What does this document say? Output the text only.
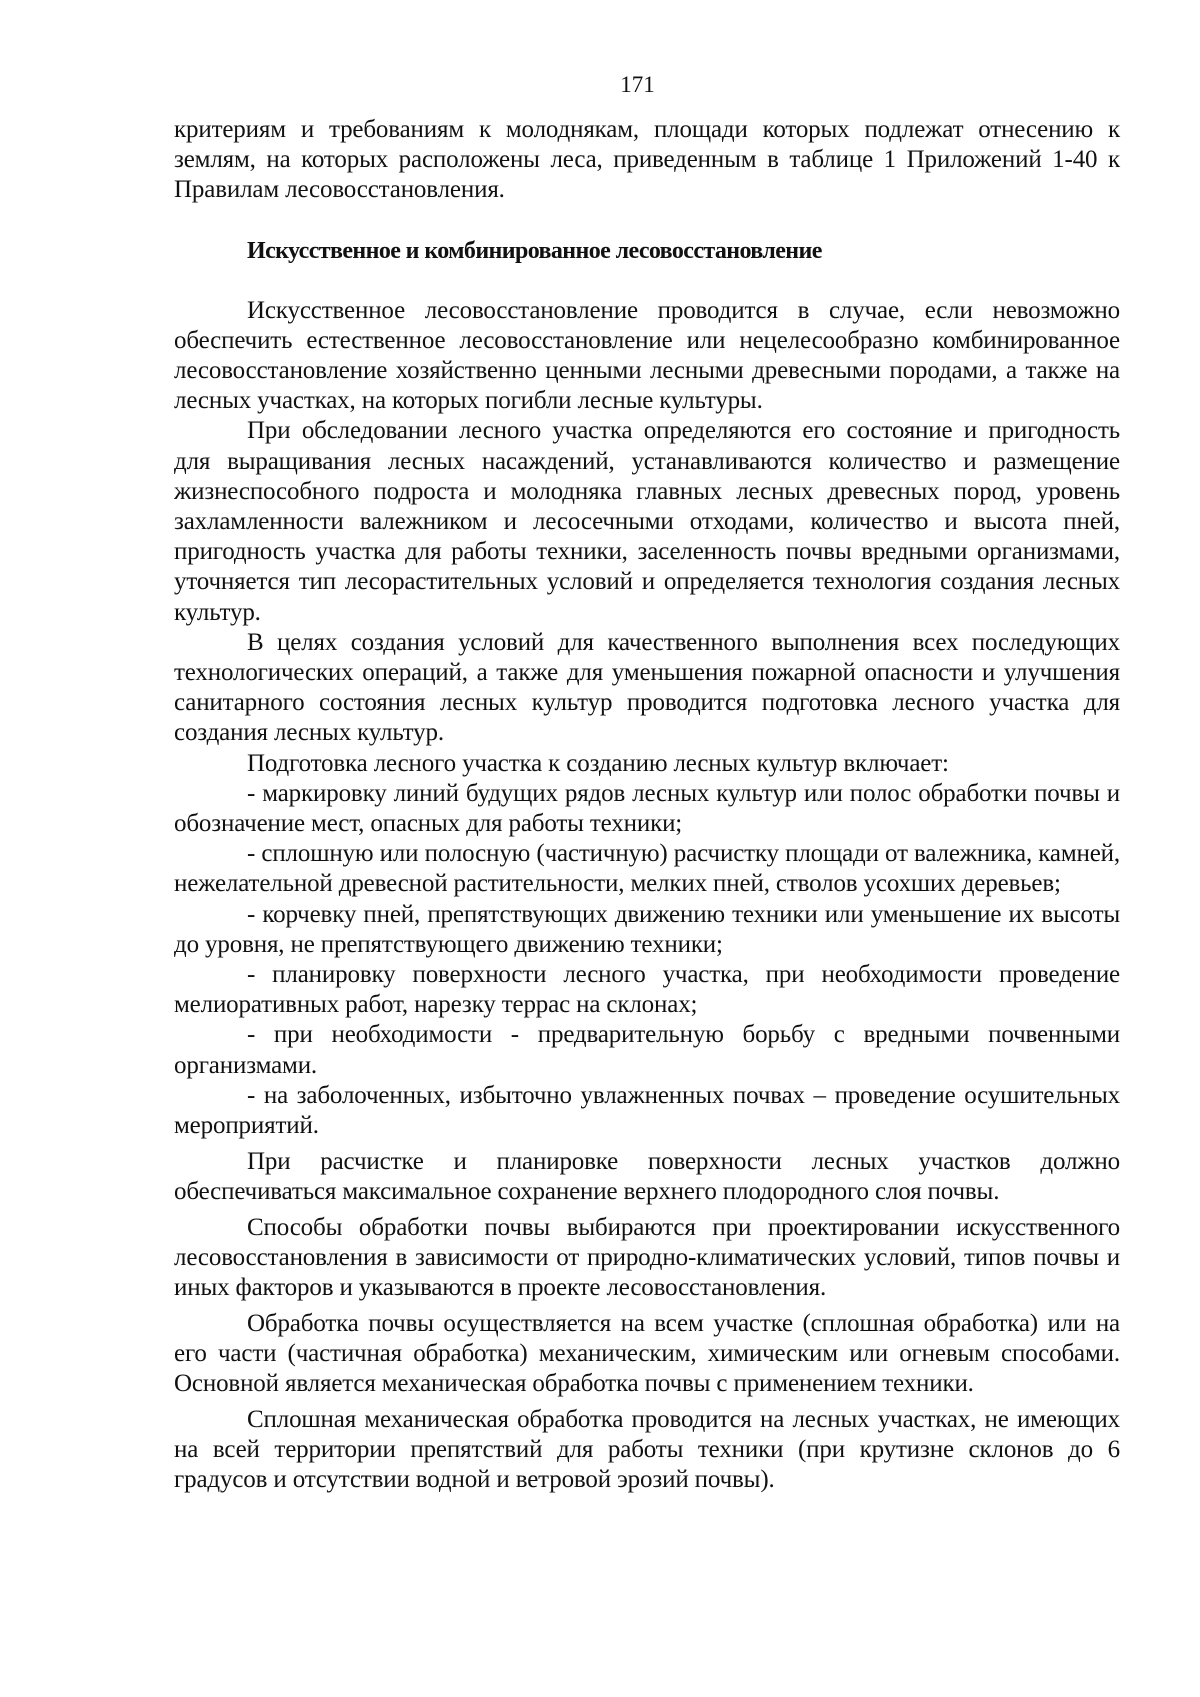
171

критериям и требованиям к молоднякам, площади которых подлежат отнесению к землям, на которых расположены леса, приведенным в таблице 1 Приложений 1-40 к Правилам лесовосстановления.

Искусственное и комбинированное лесовосстановление

Искусственное лесовосстановление проводится в случае, если невозможно обеспечить естественное лесовосстановление или нецелесообразно комбинированное лесовосстановление хозяйственно ценными лесными древесными породами, а также на лесных участках, на которых погибли лесные культуры.

При обследовании лесного участка определяются его состояние и пригодность для выращивания лесных насаждений, устанавливаются количество и размещение жизнеспособного подроста и молодняка главных лесных древесных пород, уровень захламленности валежником и лесосечными отходами, количество и высота пней, пригодность участка для работы техники, заселенность почвы вредными организмами, уточняется тип лесорастительных условий и определяется технология создания лесных культур.

В целях создания условий для качественного выполнения всех последующих технологических операций, а также для уменьшения пожарной опасности и улучшения санитарного состояния лесных культур проводится подготовка лесного участка для создания лесных культур.

Подготовка лесного участка к созданию лесных культур включает:

- маркировку линий будущих рядов лесных культур или полос обработки почвы и обозначение мест, опасных для работы техники;

- сплошную или полосную (частичную) расчистку площади от валежника, камней, нежелательной древесной растительности, мелких пней, стволов усохших деревьев;

- корчевку пней, препятствующих движению техники или уменьшение их высоты до уровня, не препятствующего движению техники;

- планировку поверхности лесного участка, при необходимости проведение мелиоративных работ, нарезку террас на склонах;

- при необходимости - предварительную борьбу с вредными почвенными организмами.

- на заболоченных, избыточно увлажненных почвах – проведение осушительных мероприятий.

При расчистке и планировке поверхности лесных участков должно обеспечиваться максимальное сохранение верхнего плодородного слоя почвы.

Способы обработки почвы выбираются при проектировании искусственного лесовосстановления в зависимости от природно-климатических условий, типов почвы и иных факторов и указываются в проекте лесовосстановления.

Обработка почвы осуществляется на всем участке (сплошная обработка) или на его части (частичная обработка) механическим, химическим или огневым способами. Основной является механическая обработка почвы с применением техники.

Сплошная механическая обработка проводится на лесных участках, не имеющих на всей территории препятствий для работы техники (при крутизне склонов до 6 градусов и отсутствии водной и ветровой эрозий почвы).
